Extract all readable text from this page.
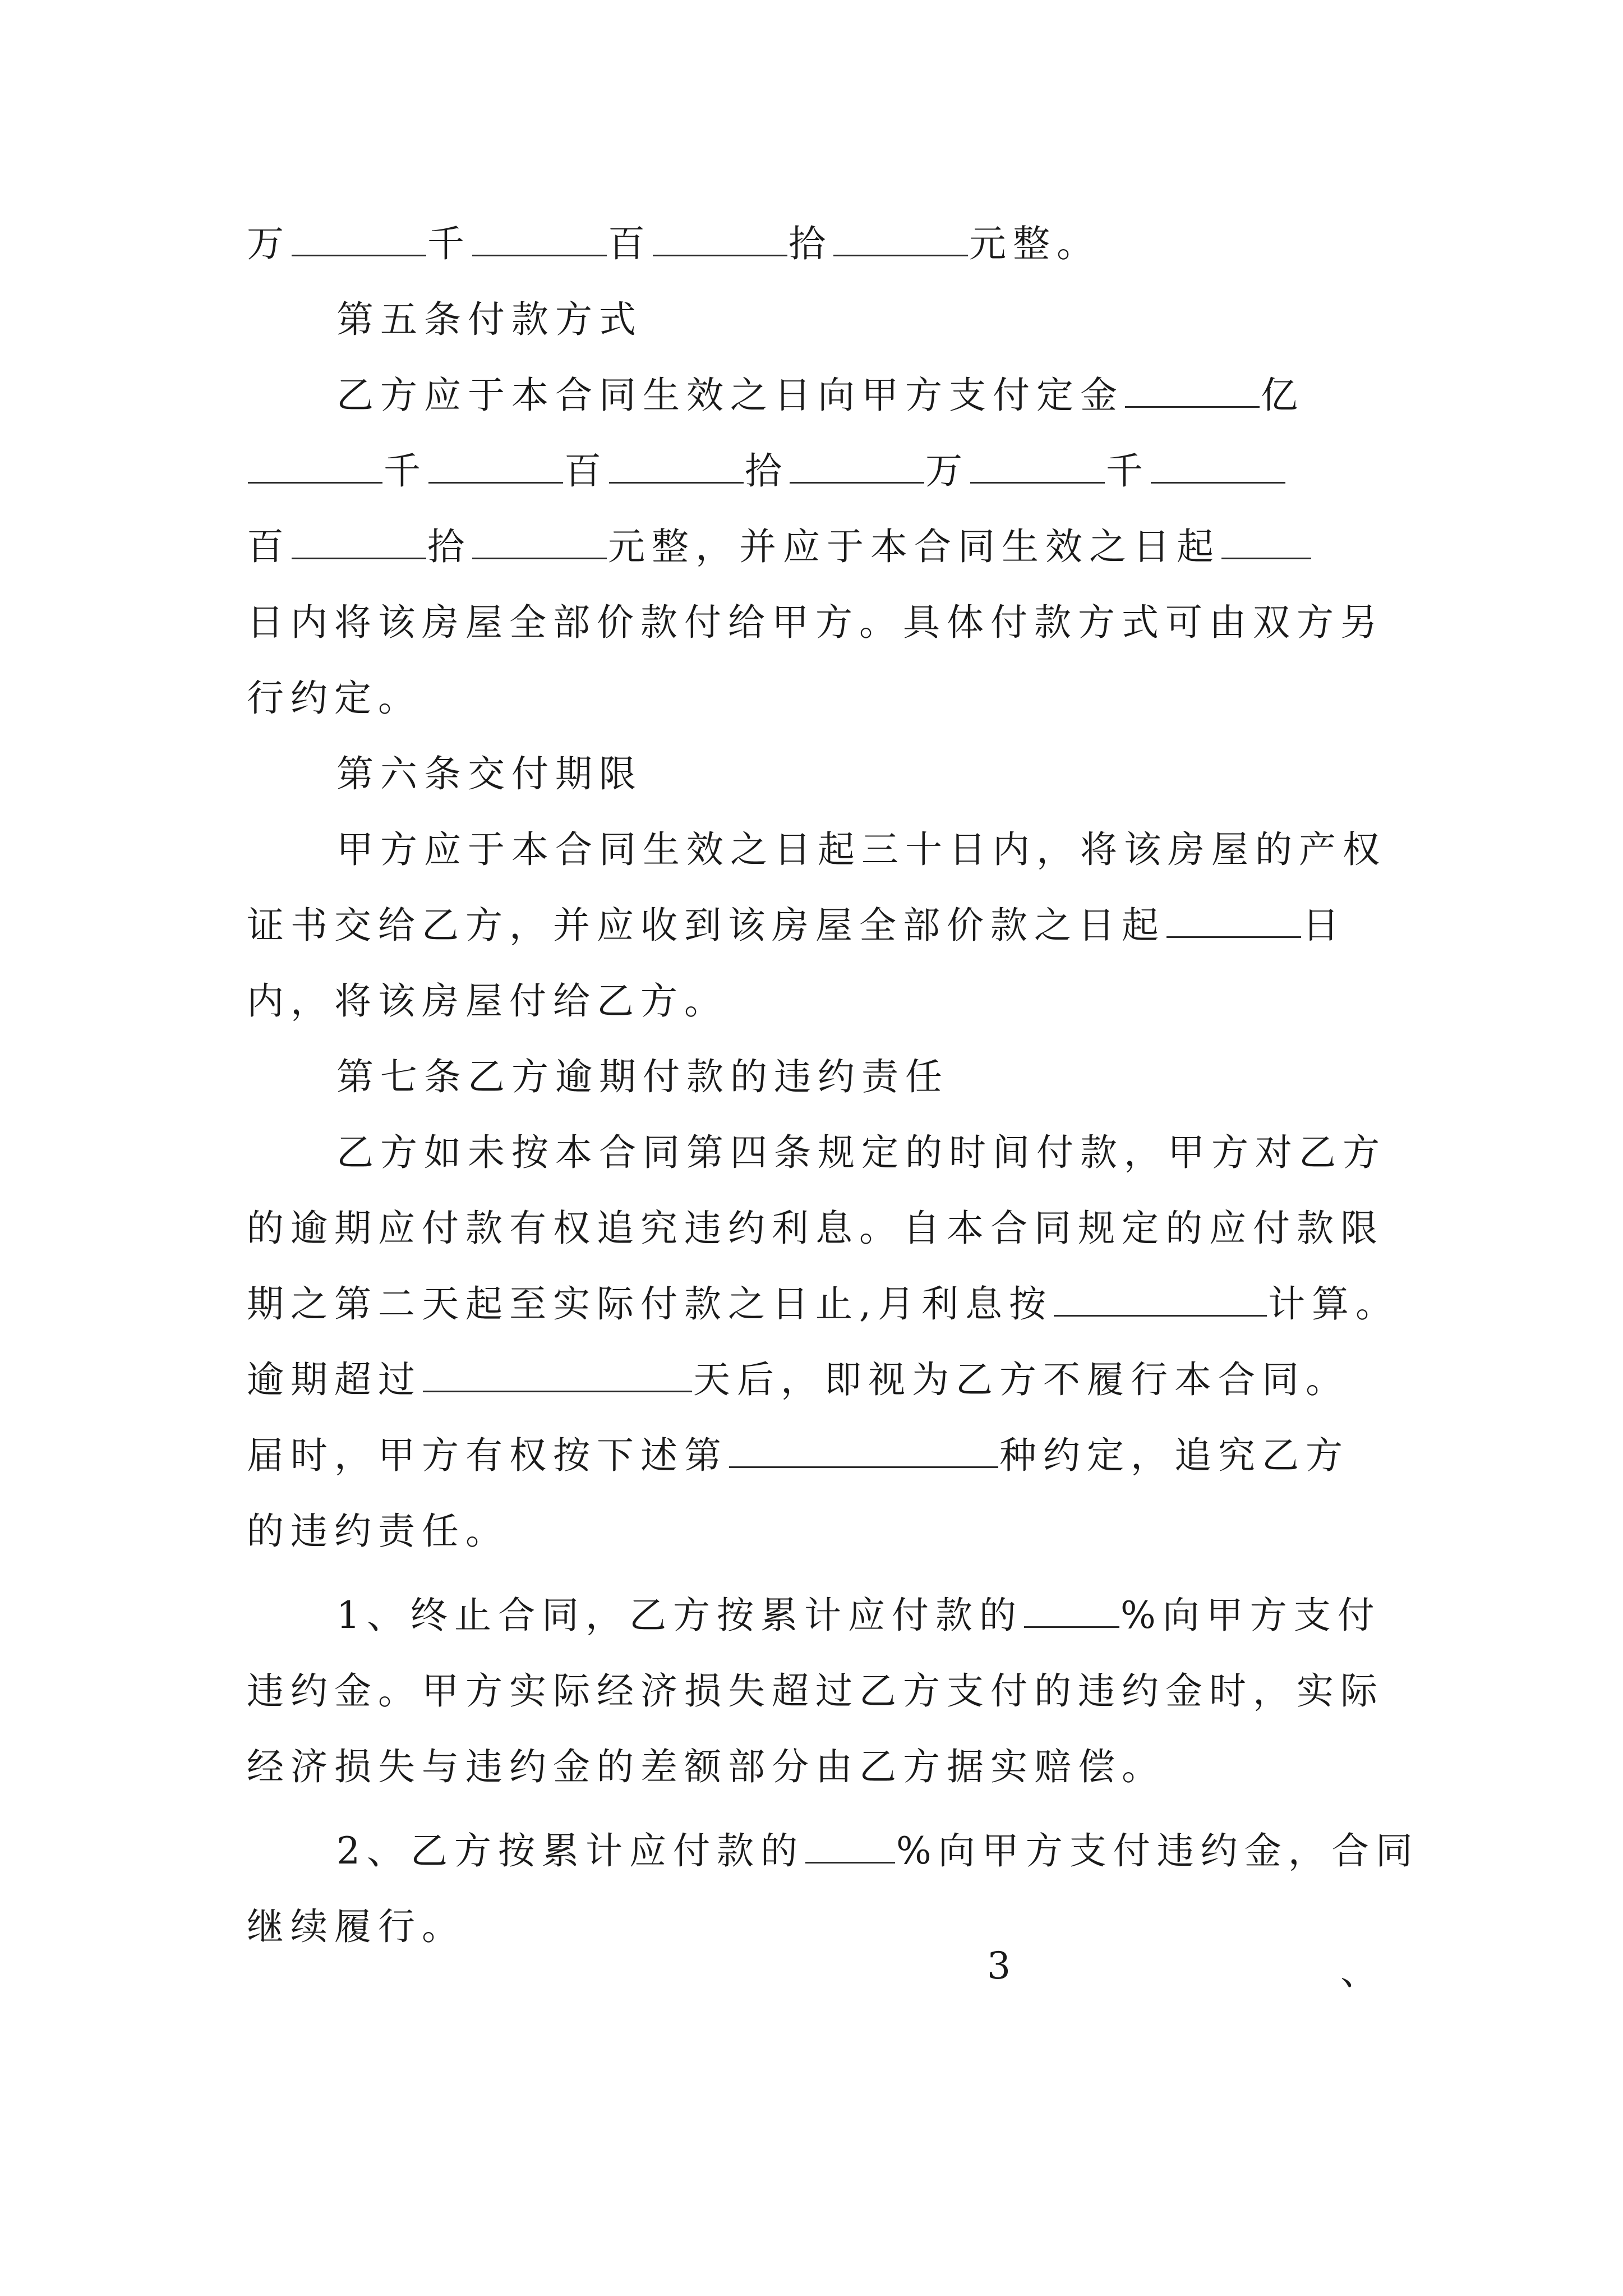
万	千	百	拾	元整。
第五条付款方式
乙方应于本合同生效之日向甲方支付定金	亿
千	百	拾	万	千
百	拾	元整，并应于本合同生效之日起
日内将该房屋全部价款付给甲方。具体付款方式可由双方另
行约定。
第六条交付期限
甲方应于本合同生效之日起三十日内，将该房屋的产权
证书交给乙方，并应收到该房屋全部价款之日起	日
内，将该房屋付给乙方。
第七条乙方逾期付款的违约责任
乙方如未按本合同第四条规定的时间付款，甲方对乙方
的逾期应付款有权追究违约利息。自本合同规定的应付款限
期之第二天起至实际付款之日止,月利息按	计算。
逾期超过	天后，即视为乙方不履行本合同。
届时，甲方有权按下述第	种约定，追究乙方
的违约责任。
1、终止合同，乙方按累计应付款的	%向甲方支付
违约金。甲方实际经济损失超过乙方支付的违约金时，实际
经济损失与违约金的差额部分由乙方据实赔偿。
2、乙方按累计应付款的 %向甲方支付违约金，合同
继续履行。
3	、
